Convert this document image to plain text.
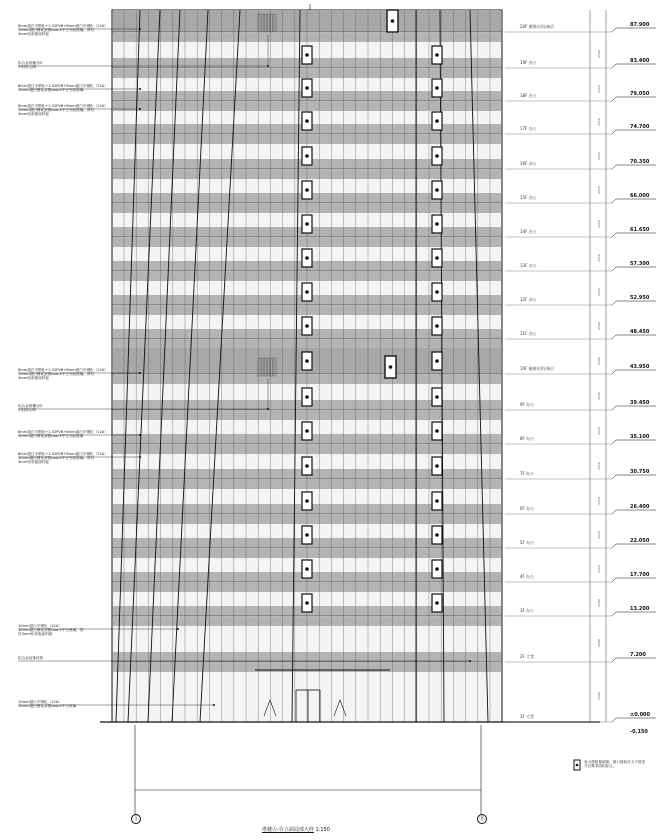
20F 避难层/设备层	87.900
19F 办公	83.400
18F 办公	79.050
17F 办公	74.700
16F 办公	70.350
15F 办公	66.000
14F 办公	61.650
13F 办公	57.300
12F 办公	52.950
11F 办公	48.450
10F 避难层/设备层	43.950
9F 办公	39.450
8F 办公	35.100
7F 办公	30.750
6F 办公	26.400
5F 办公	22.050
4F 办公	17.700
3F 办公	13.200
2F 大堂	7.200
1F 大堂	±0.000
-0.150
4500
4350
4350
4350
4350
4350
4350
4350
4500
4500
4500
4350
4350
4350
4350
4350
4500
6000
7200
8mm超白半钢化+1.52PVB+8mm超白半钢化（12A）
10mm超白钢化双银Low-E中空夹胶玻璃，背衬
3mm铝单板涂料板
铝合金格栅百叶
内衬防尘网
8mm超白半钢化+1.52PVB+8mm超白半钢化（12A）
10mm超白钢化双银Low-E中空夹胶玻璃
8mm超白半钢化+1.52PVB+8mm超白半钢化（12A）
10mm超白钢化双银Low-E中空夹胶玻璃，背衬
3mm铝单板涂料板
8mm超白半钢化+1.52PVB+8mm超白半钢化（12A）
10mm超白钢化双银Low-E中空夹胶玻璃，背衬
3mm铝单板涂料板
铝合金格栅百叶
内衬防尘网
8mm超白半钢化+1.52PVB+8mm超白半钢化（12A）
10mm超白钢化双银Low-E中空夹胶玻璃
8mm超白半钢化+1.52PVB+8mm超白半钢化（12A）
10mm超白钢化双银Low-E中空夹胶玻璃，背衬
3mm铝单板涂料板
10mm超白半钢化（12A）
10mm超白钢化双银Low-E中空玻璃，背
衬3mm铝单板涂料板
铝合金装饰体系
10mm超白半钢化（12A）
10mm超白钢化双银Low-E中空玻璃
塔楼Ⓐ-Ⓑ立面局部大样 1:150
Ⓐ	Ⓑ
表示窗框幕墙窗，窗口面积应大于规范
开启要求面积标注。
